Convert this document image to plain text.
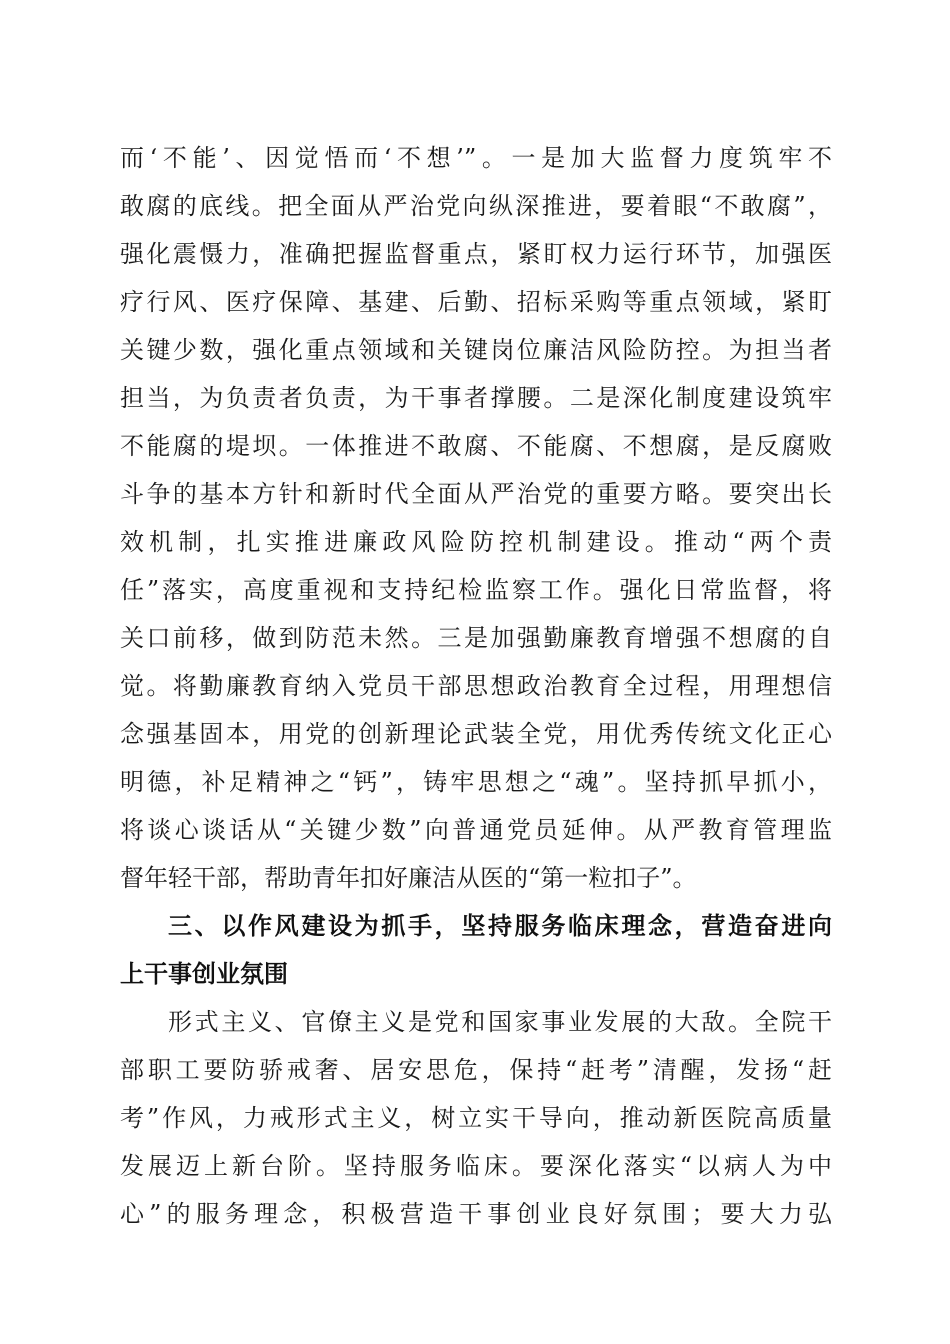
而‘不能’、因觉悟而‘不想’”。一是加大监督力度筑牢不
敢腐的底线。把全面从严治党向纵深推进，要着眼“不敢腐”，
强化震慑力，准确把握监督重点，紧盯权力运行环节，加强医
疗行风、医疗保障、基建、后勤、招标采购等重点领域，紧盯
关键少数，强化重点领域和关键岗位廉洁风险防控。为担当者
担当，为负责者负责，为干事者撑腰。二是深化制度建设筑牢
不能腐的堤坝。一体推进不敢腐、不能腐、不想腐，是反腐败
斗争的基本方针和新时代全面从严治党的重要方略。要突出长
效机制，扎实推进廉政风险防控机制建设。推动“两个责
任”落实，高度重视和支持纪检监察工作。强化日常监督，将
关口前移，做到防范未然。三是加强勤廉教育增强不想腐的自
觉。将勤廉教育纳入党员干部思想政治教育全过程，用理想信
念强基固本，用党的创新理论武装全党，用优秀传统文化正心
明德，补足精神之“钙”，铸牢思想之“魂”。坚持抓早抓小，
将谈心谈话从“关键少数”向普通党员延伸。从严教育管理监
督年轻干部，帮助青年扣好廉洁从医的“第一粒扣子”。
三、以作风建设为抓手，坚持服务临床理念，营造奋进向
上干事创业氛围
形式主义、官僚主义是党和国家事业发展的大敌。全院干
部职工要防骄戒奢、居安思危，保持“赶考”清醒，发扬“赶
考”作风，力戒形式主义，树立实干导向，推动新医院高质量
发展迈上新台阶。坚持服务临床。要深化落实“以病人为中
心”的服务理念，积极营造干事创业良好氛围；要大力弘
